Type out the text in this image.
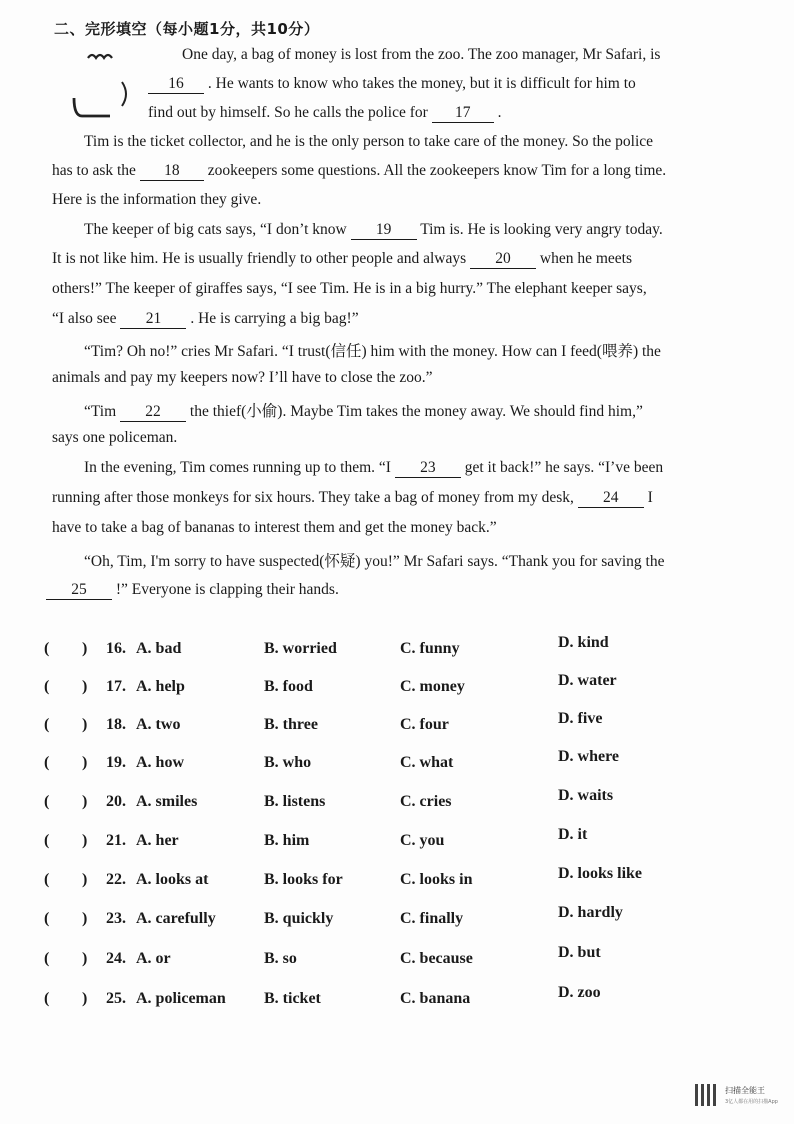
二、完形填空（每小题1分，共10分）
One day, a bag of money is lost from the zoo. The zoo manager, Mr Safari, is
16 . He wants to know who takes the money, but it is difficult for him to
find out by himself. So he calls the police for 17 .
Tim is the ticket collector, and he is the only person to take care of the money. So the police
has to ask the 18 zookeepers some questions. All the zookeepers know Tim for a long time.
Here is the information they give.
The keeper of big cats says, “I don’t know 19 Tim is. He is looking very angry today.
It is not like him. He is usually friendly to other people and always 20 when he meets
others!” The keeper of giraffes says, “I see Tim. He is in a big hurry.” The elephant keeper says,
“I also see 21 . He is carrying a big bag!”
“Tim? Oh no!” cries Mr Safari. “I trust(信任) him with the money. How can I feed(喂养) the
animals and pay my keepers now? I’ll have to close the zoo.”
“Tim 22 the thief(小偷). Maybe Tim takes the money away. We should find him,”
says one policeman.
In the evening, Tim comes running up to them. “I 23 get it back!” he says. “I’ve been
running after those monkeys for six hours. They take a bag of money from my desk, 24 I
have to take a bag of bananas to interest them and get the money back.”
“Oh, Tim, I'm sorry to have suspected(怀疑) you!” Mr Safari says. “Thank you for saving the
25 !” Everyone is clapping their hands.
( ) 16. A. bad	B. worried	C. funny	D. kind
( ) 17. A. help	B. food	C. money	D. water
( ) 18. A. two	B. three	C. four	D. five
( ) 19. A. how	B. who	C. what	D. where
( ) 20. A. smiles	B. listens	C. cries	D. waits
( ) 21. A. her	B. him	C. you	D. it
( ) 22. A. looks at	B. looks for	C. looks in	D. looks like
( ) 23. A. carefully	B. quickly	C. finally	D. hardly
( ) 24. A. or	B. so	C. because	D. but
( ) 25. A. policeman B. ticket	C. banana	D. zoo
扫描全能王
3亿人都在用的扫描App
